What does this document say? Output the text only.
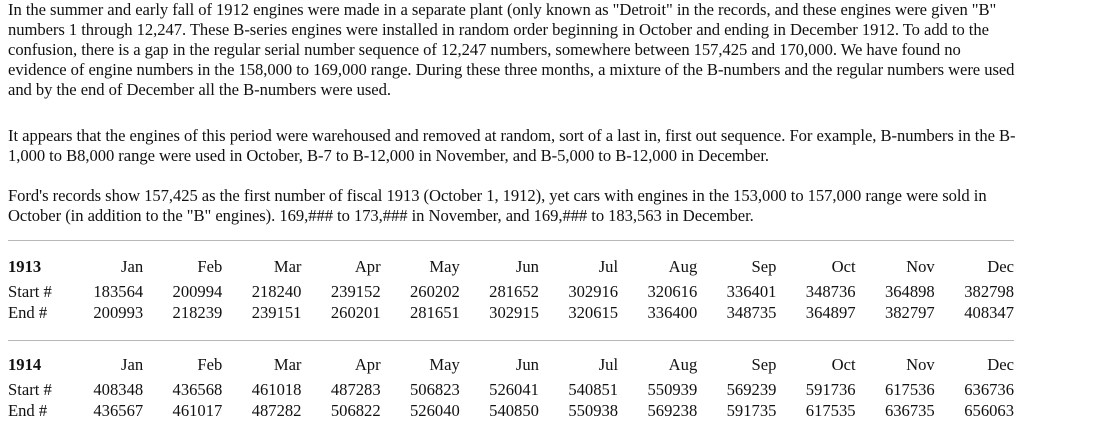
In the summer and early fall of 1912 engines were made in a separate plant (only known as "Detroit" in the records, and these engines were given "B" numbers 1 through 12,247. These B-series engines were installed in random order beginning in October and ending in December 1912. To add to the confusion, there is a gap in the regular serial number sequence of 12,247 numbers, somewhere between 157,425 and 170,000. We have found no evidence of engine numbers in the 158,000 to 169,000 range. During these three months, a mixture of the B-numbers and the regular numbers were used and by the end of December all the B-numbers were used.

It appears that the engines of this period were warehoused and removed at random, sort of a last in, first out sequence. For example, B-numbers in the B-1,000 to B8,000 range were used in October, B-7 to B-12,000 in November, and B-5,000 to B-12,000 in December.

Ford's records show 157,425 as the first number of fiscal 1913 (October 1, 1912), yet cars with engines in the 153,000 to 157,000 range were sold in October (in addition to the "B" engines). 169,### to 173,### in November, and 169,### to 183,563 in December.

1913	Jan	Feb	Mar	Apr	May	Jun	Jul	Aug	Sep	Oct	Nov	Dec
Start #	183564	200994	218240	239152	260202	281652	302916	320616	336401	348736	364898	382798
End #	200993	218239	239151	260201	281651	302915	320615	336400	348735	364897	382797	408347
1914	Jan	Feb	Mar	Apr	May	Jun	Jul	Aug	Sep	Oct	Nov	Dec
Start #	408348	436568	461018	487283	506823	526041	540851	550939	569239	591736	617536	636736
End #	436567	461017	487282	506822	526040	540850	550938	569238	591735	617535	636735	656063
